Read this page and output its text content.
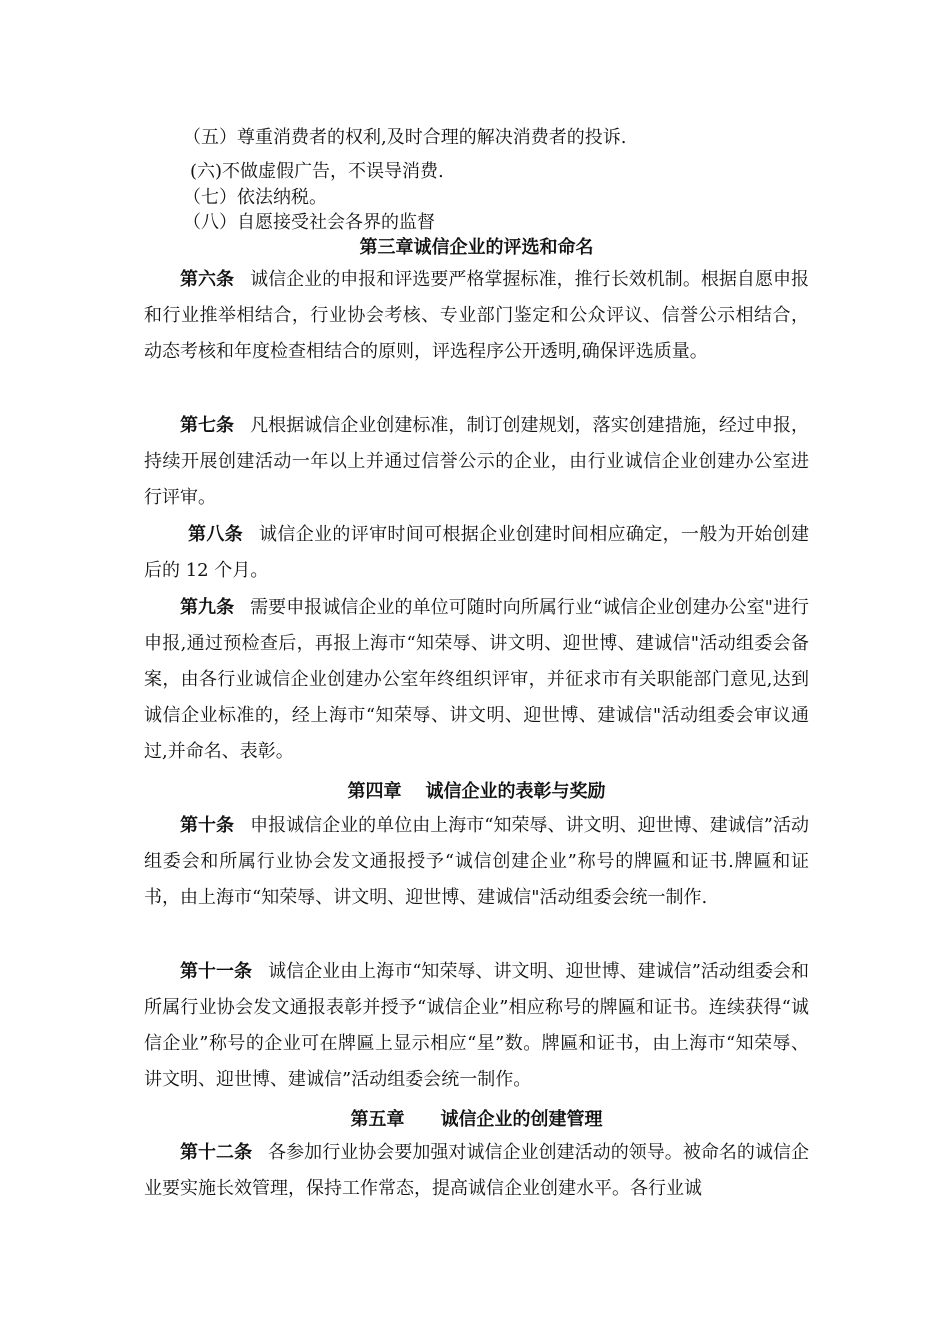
（五）尊重消费者的权利,及时合理的解决消费者的投诉.
(六)不做虚假广告，不误导消费.
（七）依法纳税。
（八）自愿接受社会各界的监督
第三章诚信企业的评选和命名
第六条 诚信企业的申报和评选要严格掌握标准，推行长效机制。根据自愿申报和行业推举相结合，行业协会考核、专业部门鉴定和公众评议、信誉公示相结合，动态考核和年度检查相结合的原则，评选程序公开透明,确保评选质量。
第七条 凡根据诚信企业创建标准，制订创建规划，落实创建措施，经过申报，持续开展创建活动一年以上并通过信誉公示的企业，由行业诚信企业创建办公室进行评审。
第八条 诚信企业的评审时间可根据企业创建时间相应确定，一般为开始创建后的 12 个月。
第九条 需要申报诚信企业的单位可随时向所属行业“诚信企业创建办公室"进行申报,通过预检查后，再报上海市“知荣辱、讲文明、迎世博、建诚信"活动组委会备案，由各行业诚信企业创建办公室年终组织评审，并征求市有关职能部门意见,达到诚信企业标准的，经上海市“知荣辱、讲文明、迎世博、建诚信"活动组委会审议通过,并命名、表彰。
第四章 诚信企业的表彰与奖励
第十条 申报诚信企业的单位由上海市“知荣辱、讲文明、迎世博、建诚信”活动组委会和所属行业协会发文通报授予“诚信创建企业”称号的牌匾和证书.牌匾和证书，由上海市“知荣辱、讲文明、迎世博、建诚信"活动组委会统一制作.
第十一条 诚信企业由上海市“知荣辱、讲文明、迎世博、建诚信”活动组委会和所属行业协会发文通报表彰并授予“诚信企业”相应称号的牌匾和证书。连续获得“诚信企业”称号的企业可在牌匾上显示相应“星”数。牌匾和证书，由上海市“知荣辱、讲文明、迎世博、建诚信”活动组委会统一制作。
第五章 诚信企业的创建管理
第十二条 各参加行业协会要加强对诚信企业创建活动的领导。被命名的诚信企业要实施长效管理，保持工作常态，提高诚信企业创建水平。各行业诚
